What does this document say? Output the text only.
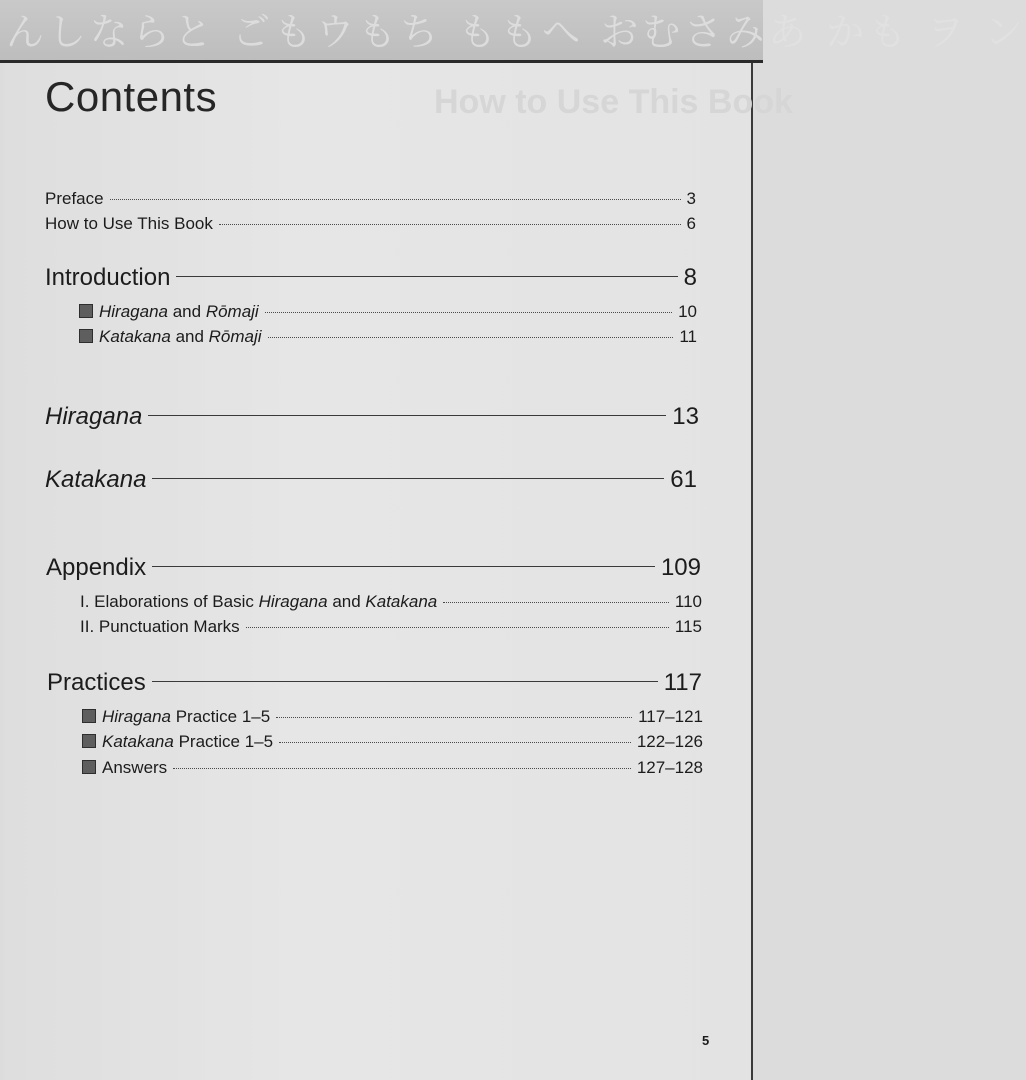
んしならと ごもウもち ももへ おむさみあ かも ヲ ン
How to Use This Book
Contents
Preface	3
How to Use This Book	6
Introduction	8
Hiragana and Rōmaji	10
Katakana and Rōmaji	11
Hiragana	13
Katakana	61
Appendix	109
I. Elaborations of Basic Hiragana and Katakana	110
II. Punctuation Marks	115
Practices	117
Hiragana Practice 1–5	117–121
Katakana Practice 1–5	122–126
Answers	127–128
5
